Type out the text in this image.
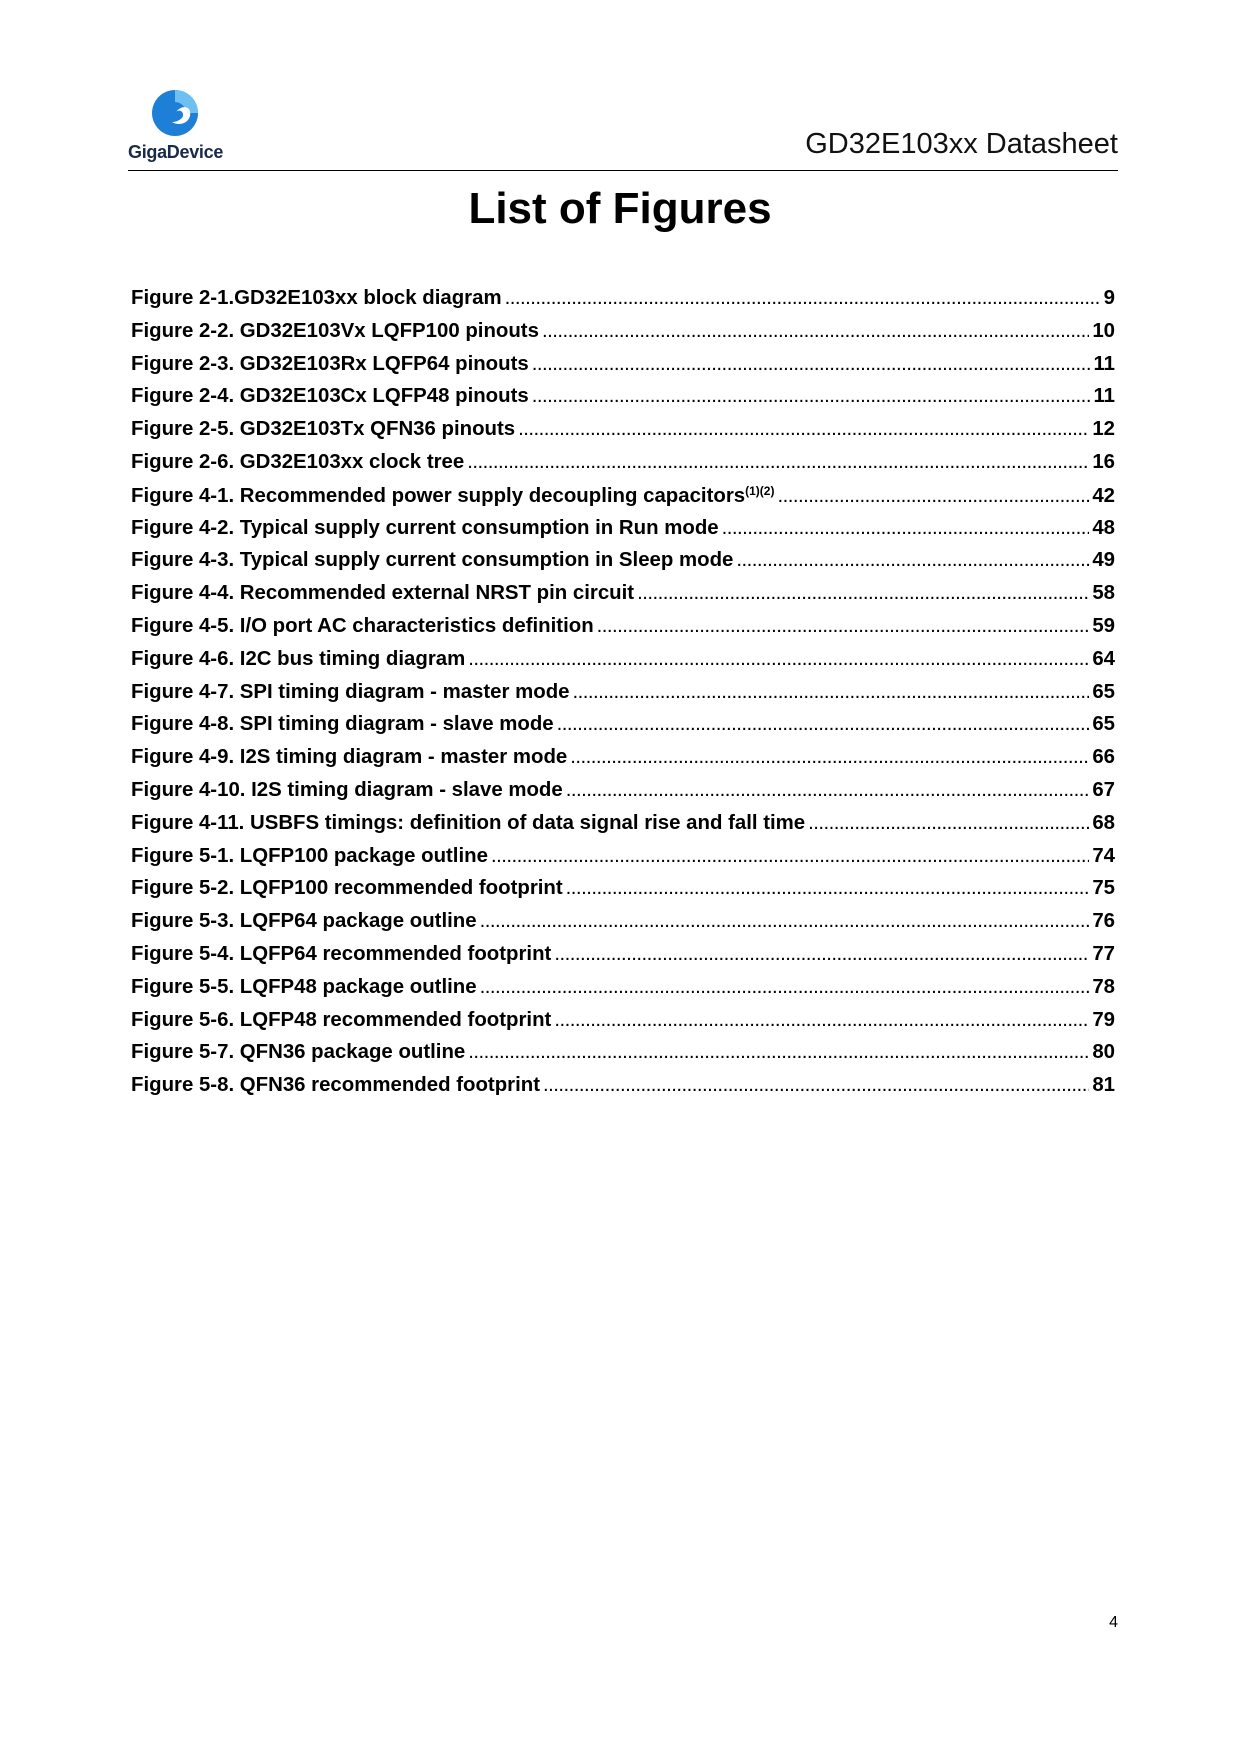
GigaDevice	GD32E103xx Datasheet
List of Figures
Figure 2-1.GD32E103xx block diagram . . .	9
Figure 2-2. GD32E103Vx LQFP100 pinouts . . .	10
Figure 2-3. GD32E103Rx LQFP64 pinouts . . .	11
Figure 2-4. GD32E103Cx LQFP48 pinouts . . .	11
Figure 2-5. GD32E103Tx QFN36 pinouts . . .	12
Figure 2-6. GD32E103xx clock tree . . .	16
Figure 4-1. Recommended power supply decoupling capacitors$^{(1)(2)}$ . . .	42
Figure 4-2. Typical supply current consumption in Run mode . . .	48
Figure 4-3. Typical supply current consumption in Sleep mode . . .	49
Figure 4-4. Recommended external NRST pin circuit . . .	58
Figure 4-5. I/O port AC characteristics definition . . .	59
Figure 4-6. I2C bus timing diagram . . .	64
Figure 4-7. SPI timing diagram - master mode . . .	65
Figure 4-8. SPI timing diagram - slave mode . . .	65
Figure 4-9. I2S timing diagram - master mode . . .	66
Figure 4-10. I2S timing diagram - slave mode . . .	67
Figure 4-11. USBFS timings: definition of data signal rise and fall time . . .	68
Figure 5-1. LQFP100 package outline . . .	74
Figure 5-2. LQFP100 recommended footprint . . .	75
Figure 5-3. LQFP64 package outline . . .	76
Figure 5-4. LQFP64 recommended footprint . . .	77
Figure 5-5. LQFP48 package outline . . .	78
Figure 5-6. LQFP48 recommended footprint . . .	79
Figure 5-7. QFN36 package outline . . .	80
Figure 5-8. QFN36 recommended footprint . . .	81
4
